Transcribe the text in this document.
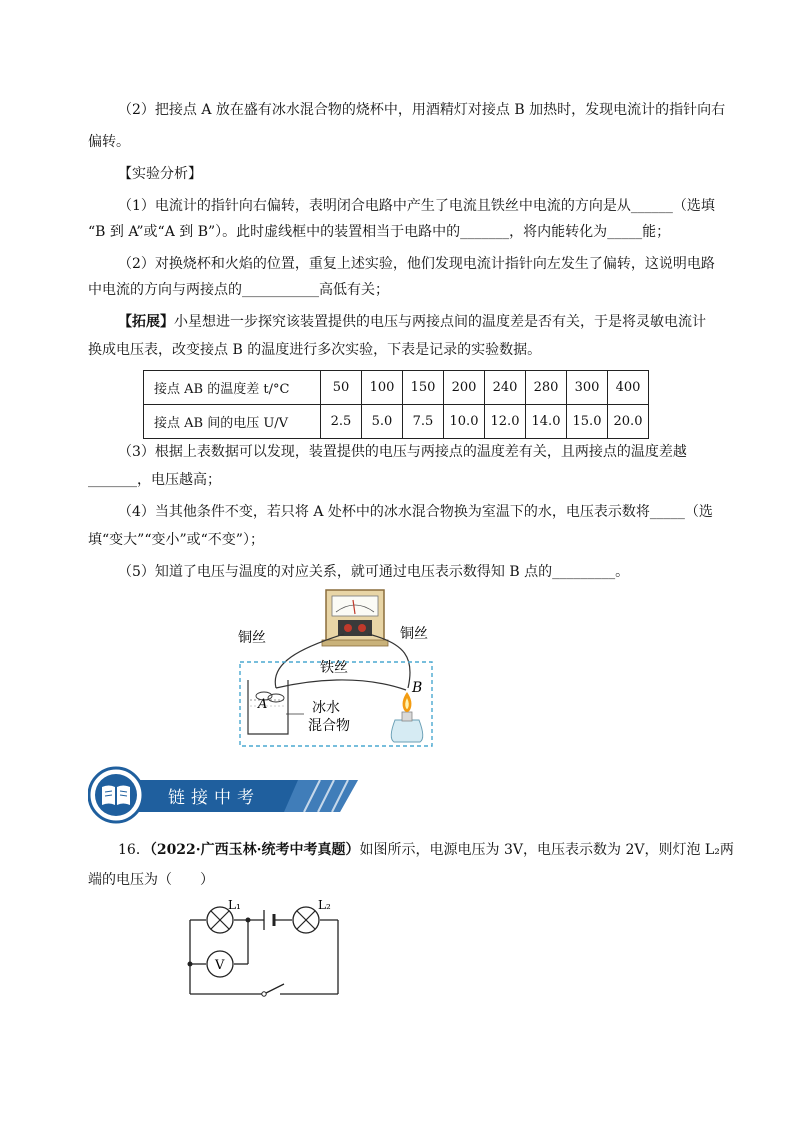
（2）把接点 A 放在盛有冰水混合物的烧杯中，用酒精灯对接点 B 加热时，发现电流计的指针向右
偏转。
【实验分析】
（1）电流计的指针向右偏转，表明闭合电路中产生了电流且铁丝中电流的方向是从______（选填
“B 到 A”或“A 到 B”）。此时虚线框中的装置相当于电路中的_______，将内能转化为_____能；
（2）对换烧杯和火焰的位置，重复上述实验，他们发现电流计指针向左发生了偏转，这说明电路
中电流的方向与两接点的___________高低有关；
【拓展】小星想进一步探究该装置提供的电压与两接点间的温度差是否有关，于是将灵敏电流计
换成电压表，改变接点 B 的温度进行多次实验，下表是记录的实验数据。
接点 AB 的温度差 t/°C	50	100	150	200	240	280	300	400
接点 AB 间的电压 U/V	2.5	5.0	7.5	10.0	12.0	14.0	15.0	20.0
（3）根据上表数据可以发现，装置提供的电压与两接点的温度差有关，且两接点的温度差越
_______，电压越高；
（4）当其他条件不变，若只将 A 处杯中的冰水混合物换为室温下的水，电压表示数将_____（选
填“变大”“变小”或“不变”）；
（5）知道了电压与温度的对应关系，就可通过电压表示数得知 B 点的_________。
铜丝	铜丝
铁丝
B
A	冰水
混合物
链接中考
16．（2022·广西玉林·统考中考真题）如图所示，电源电压为 3V，电压表示数为 2V，则灯泡 L₂两
端的电压为（　　）
V
L₁	L₂
